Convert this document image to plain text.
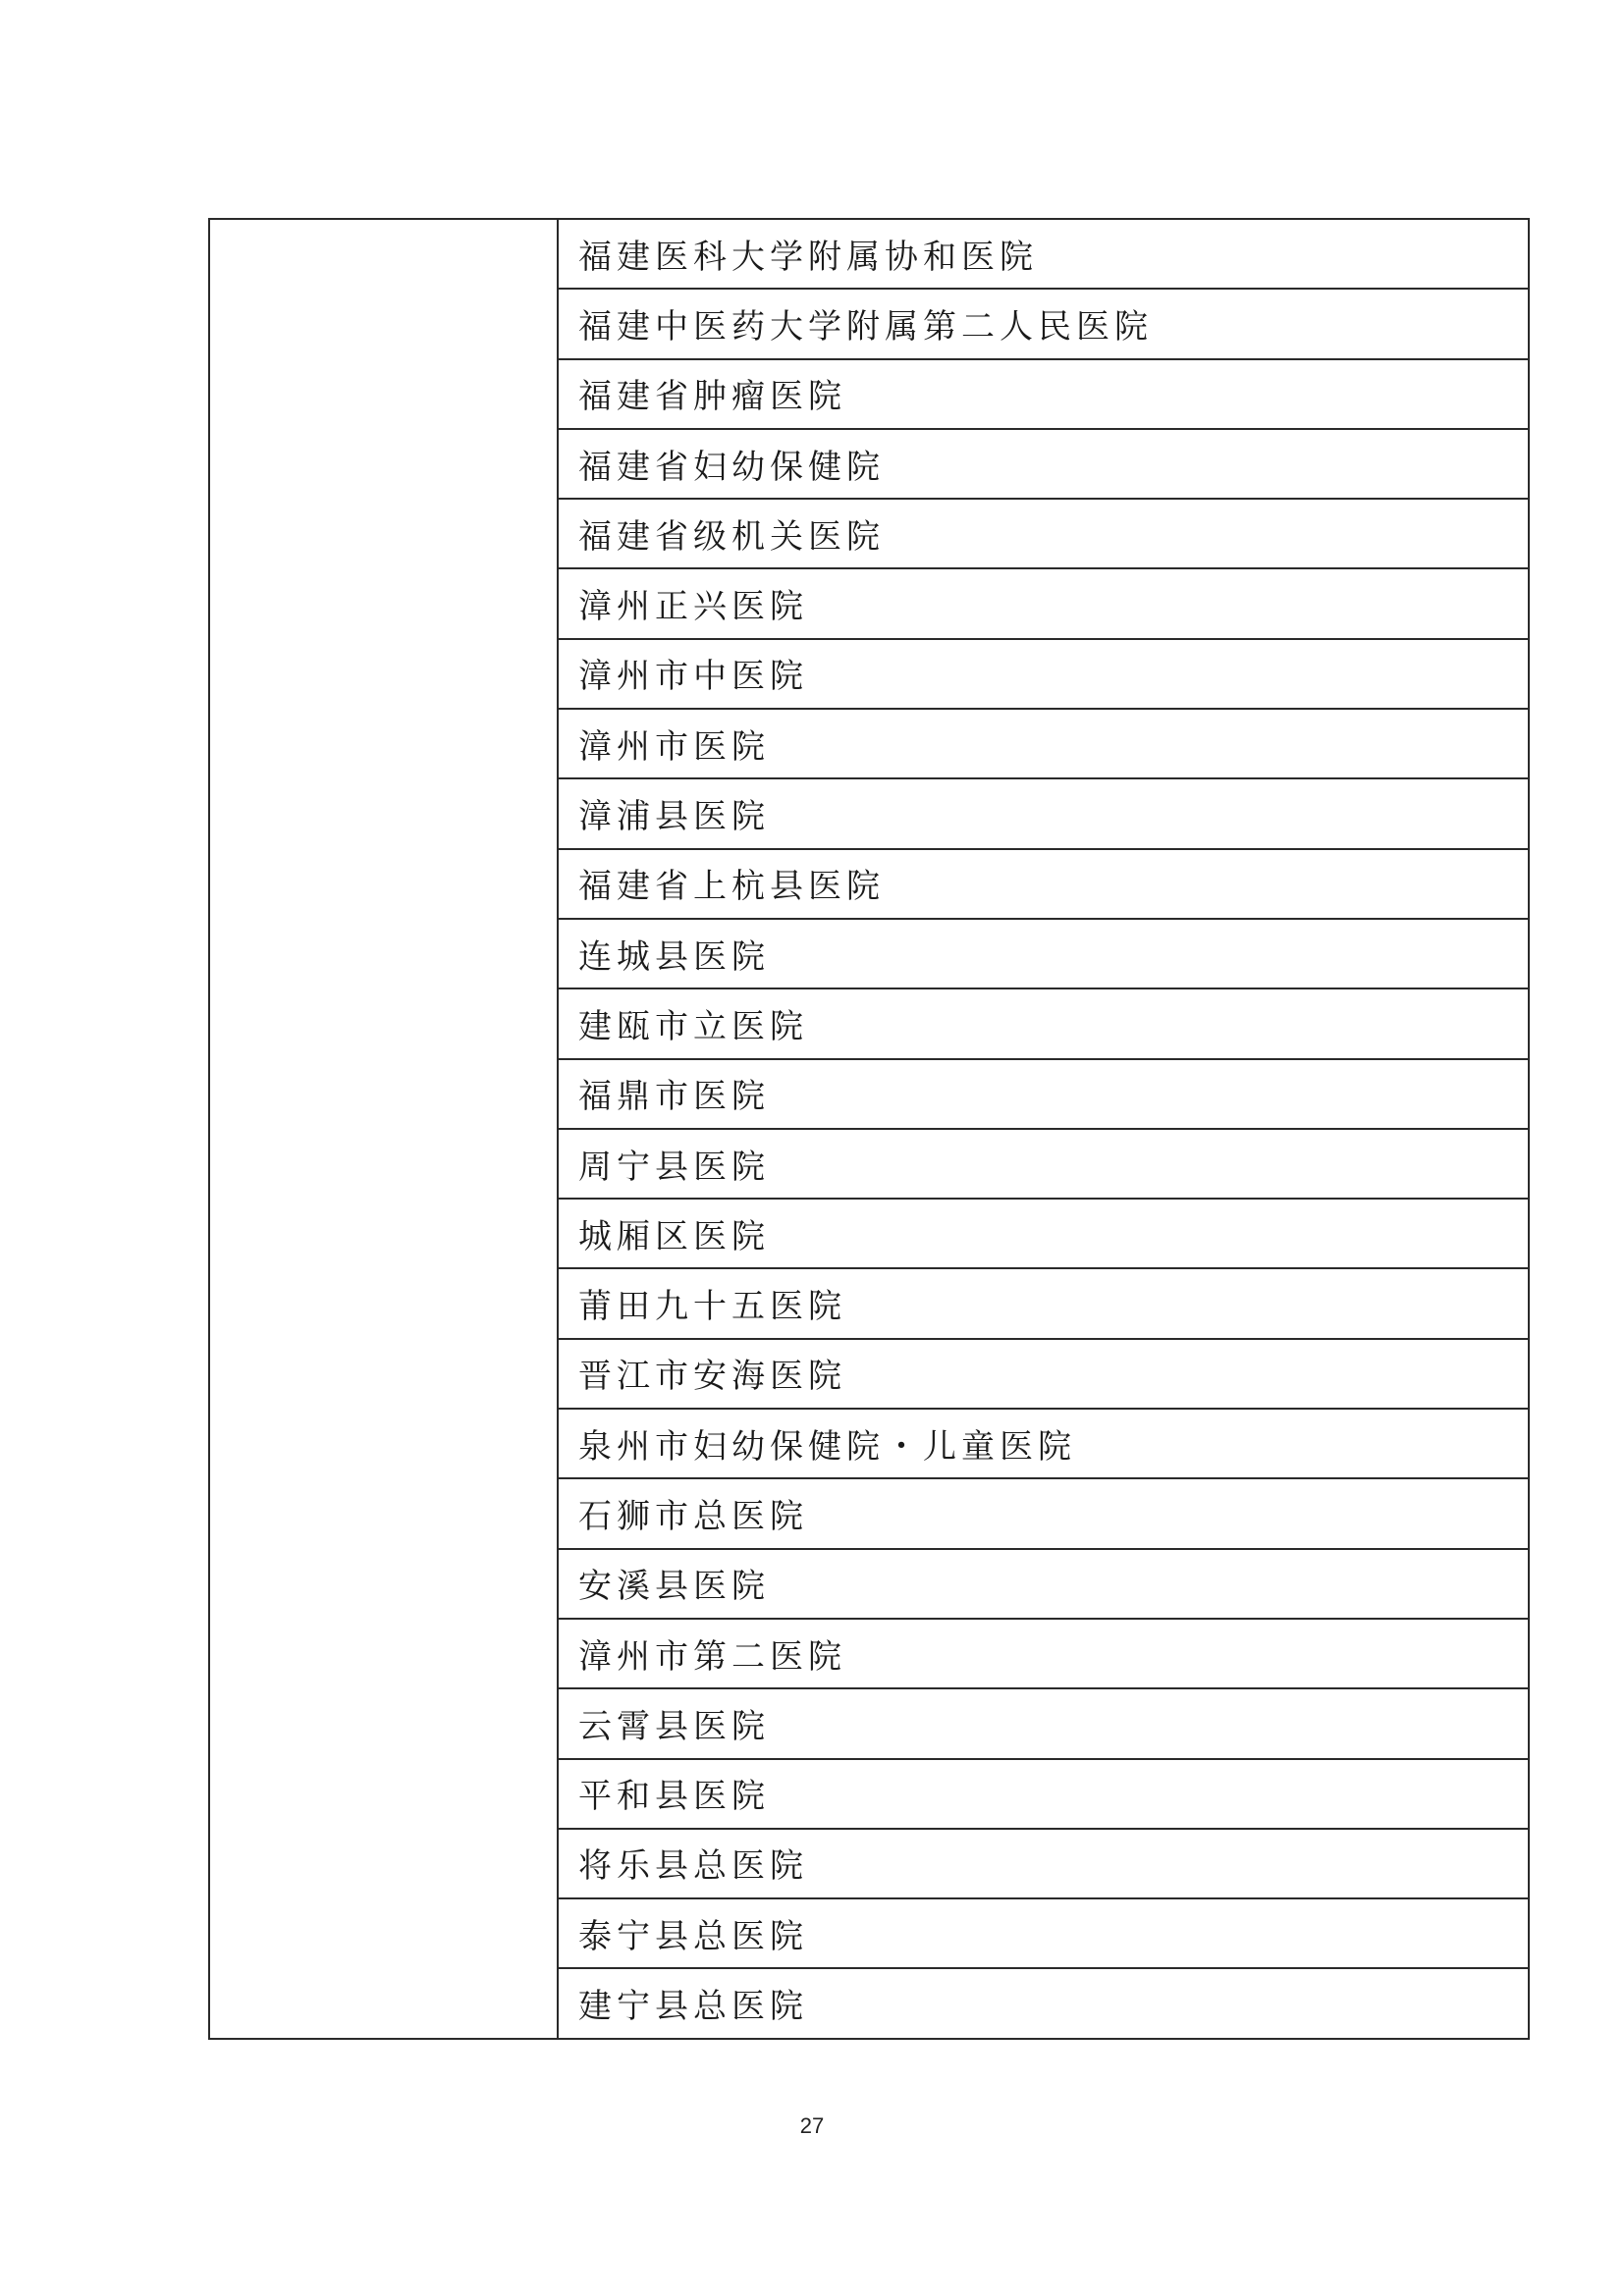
	福建医科大学附属协和医院
福建中医药大学附属第二人民医院
福建省肿瘤医院
福建省妇幼保健院
福建省级机关医院
漳州正兴医院
漳州市中医院
漳州市医院
漳浦县医院
福建省上杭县医院
连城县医院
建瓯市立医院
福鼎市医院
周宁县医院
城厢区医院
莆田九十五医院
晋江市安海医院
泉州市妇幼保健院・儿童医院
石狮市总医院
安溪县医院
漳州市第二医院
云霄县医院
平和县医院
将乐县总医院
泰宁县总医院
建宁县总医院
27
